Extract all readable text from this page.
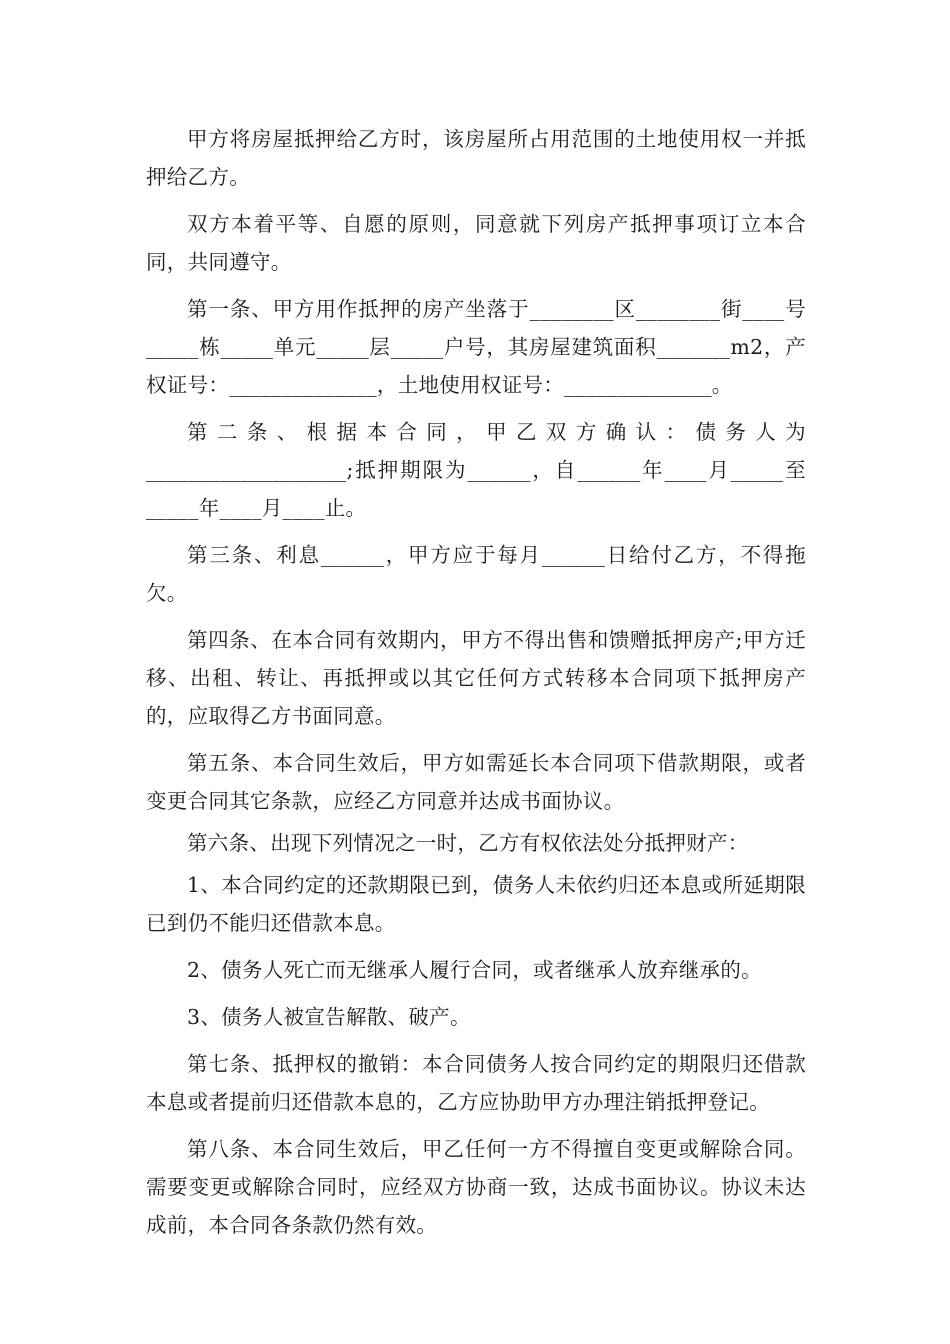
甲方将房屋抵押给乙方时，该房屋所占用范围的土地使用权一并抵押给乙方。

双方本着平等、自愿的原则，同意就下列房产抵押事项订立本合同，共同遵守。

第一条、甲方用作抵押的房产坐落于________区________街____号_____栋_____单元_____层_____户号，其房屋建筑面积_______m2，产权证号：______________，土地使用权证号：______________。

第二条、根据本合同，甲乙双方确认：债务人为___________________;抵押期限为______，自______年____月_____至_____年____月____止。

第三条、利息______，甲方应于每月______日给付乙方，不得拖欠。

第四条、在本合同有效期内，甲方不得出售和馈赠抵押房产;甲方迁移、出租、转让、再抵押或以其它任何方式转移本合同项下抵押房产的，应取得乙方书面同意。

第五条、本合同生效后，甲方如需延长本合同项下借款期限，或者变更合同其它条款，应经乙方同意并达成书面协议。

第六条、出现下列情况之一时，乙方有权依法处分抵押财产：

1、本合同约定的还款期限已到，债务人未依约归还本息或所延期限已到仍不能归还借款本息。

2、债务人死亡而无继承人履行合同，或者继承人放弃继承的。

3、债务人被宣告解散、破产。

第七条、抵押权的撤销：本合同债务人按合同约定的期限归还借款本息或者提前归还借款本息的，乙方应协助甲方办理注销抵押登记。

第八条、本合同生效后，甲乙任何一方不得擅自变更或解除合同。需要变更或解除合同时，应经双方协商一致，达成书面协议。协议未达成前，本合同各条款仍然有效。
